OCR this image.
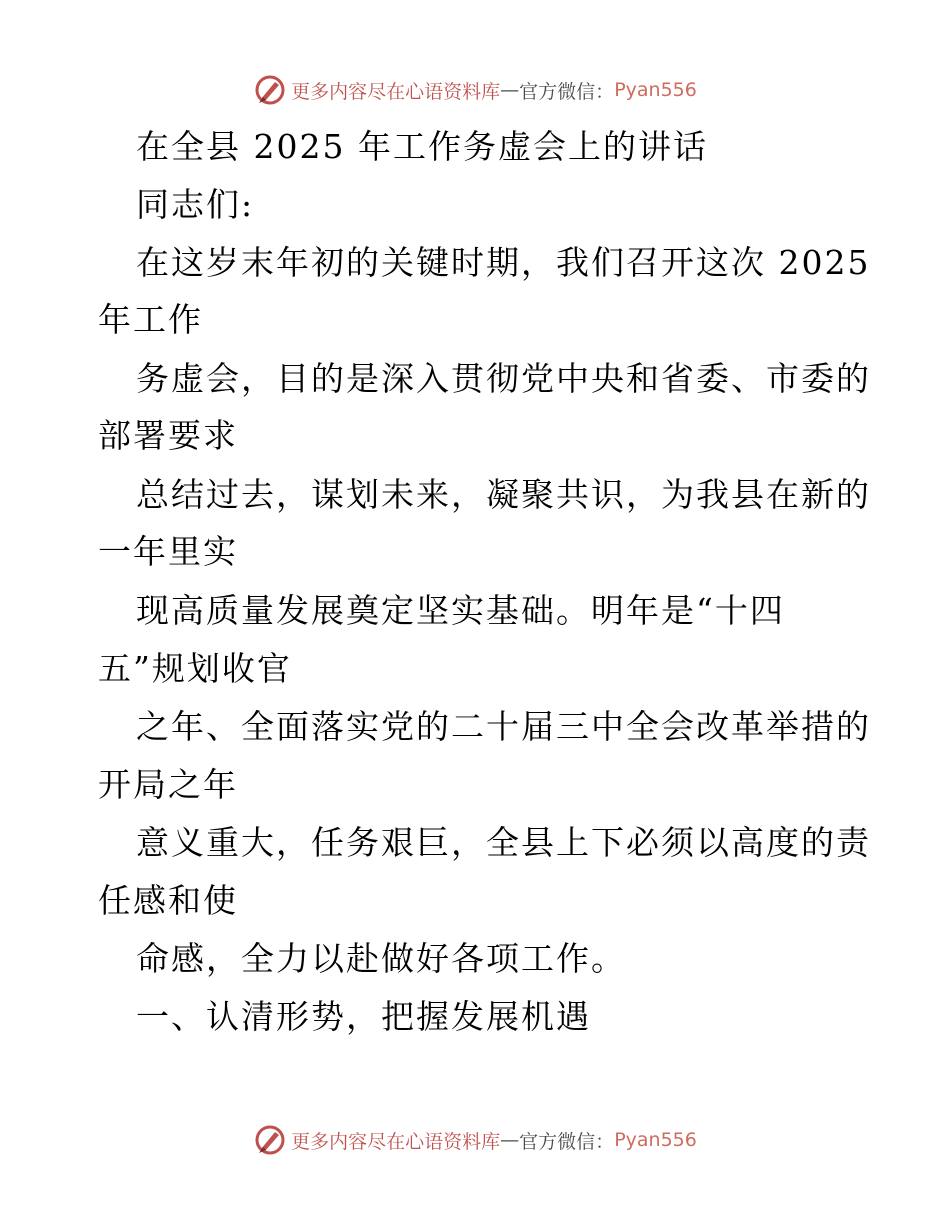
更多内容尽在心语资料库 — 官方微信： Pyan556
在全县 2025 年工作务虚会上的讲话
同志们:
在这岁末年初的关键时期，我们召开这次 2025
年工作
务虚会，目的是深入贯彻党中央和省委、市委的
部署要求
总结过去，谋划未来，凝聚共识，为我县在新的
一年里实
现高质量发展奠定坚实基础。明年是“十四
五”规划收官
之年、全面落实党的二十届三中全会改革举措的
开局之年
意义重大，任务艰巨，全县上下必须以高度的责
任感和使
命感，全力以赴做好各项工作。
一、认清形势，把握发展机遇
更多内容尽在心语资料库 — 官方微信： Pyan556
